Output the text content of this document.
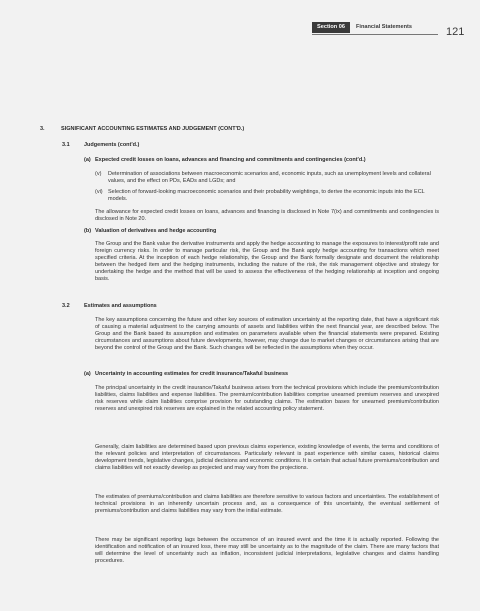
Section 06	Financial Statements	121
3.	SIGNIFICANT ACCOUNTING ESTIMATES AND JUDGEMENT (CONT'D.)
3.1	Judgements (cont'd.)
(a) Expected credit losses on loans, advances and financing and commitments and contingencies (cont'd.)
(v) Determination of associations between macroeconomic scenarios and, economic inputs, such as unemployment levels and collateral values, and the effect on PDs, EADs and LGDs; and
(vi) Selection of forward-looking macroeconomic scenarios and their probability weightings, to derive the economic inputs into the ECL models.
The allowance for expected credit losses on loans, advances and financing is disclosed in Note 7(ix) and commitments and contingencies is disclosed in Note 20.
(b) Valuation of derivatives and hedge accounting
The Group and the Bank value the derivative instruments and apply the hedge accounting to manage the exposures to interest/profit rate and foreign currency risks. In order to manage particular risk, the Group and the Bank apply hedge accounting for transactions which meet specified criteria. At the inception of each hedge relationship, the Group and the Bank formally designate and document the relationship between the hedged item and the hedging instruments, including the nature of the risk, the risk management objective and strategy for undertaking the hedge and the method that will be used to assess the effectiveness of the hedging relationship at inception and ongoing basis.
3.2	Estimates and assumptions
The key assumptions concerning the future and other key sources of estimation uncertainty at the reporting date, that have a significant risk of causing a material adjustment to the carrying amounts of assets and liabilities within the next financial year, are described below. The Group and the Bank based its assumption and estimates on parameters available when the financial statements were prepared. Existing circumstances and assumptions about future developments, however, may change due to market changes or circumstances arising that are beyond the control of the Group and the Bank. Such changes will be reflected in the assumptions when they occur.
(a) Uncertainty in accounting estimates for credit insurance/Takaful business
The principal uncertainty in the credit insurance/Takaful business arises from the technical provisions which include the premium/contribution liabilities, claims liabilities and expense liabilities. The premium/contribution liabilities comprise unearned premium reserves and unexpired risk reserves while claim liabilities comprise provision for outstanding claims. The estimation bases for unearned premium/contribution reserves and unexpired risk reserves are explained in the related accounting policy statement.
Generally, claim liabilities are determined based upon previous claims experience, existing knowledge of events, the terms and conditions of the relevant policies and interpretation of circumstances. Particularly relevant is past experience with similar cases, historical claims development trends, legislative changes, judicial decisions and economic conditions. It is certain that actual future premiums/contribution and claims liabilities will not exactly develop as projected and may vary from the projections.
The estimates of premiums/contribution and claims liabilities are therefore sensitive to various factors and uncertainties. The establishment of technical provisions in an inherently uncertain process and, as a consequence of this uncertainty, the eventual settlement of premiums/contribution and claims liabilities may vary from the initial estimate.
There may be significant reporting lags between the occurrence of an insured event and the time it is actually reported. Following the identification and notification of an insured loss, there may still be uncertainty as to the magnitude of the claim. There are many factors that will determine the level of uncertainty such as inflation, inconsistent judicial interpretations, legislative changes and claims handling procedures.
